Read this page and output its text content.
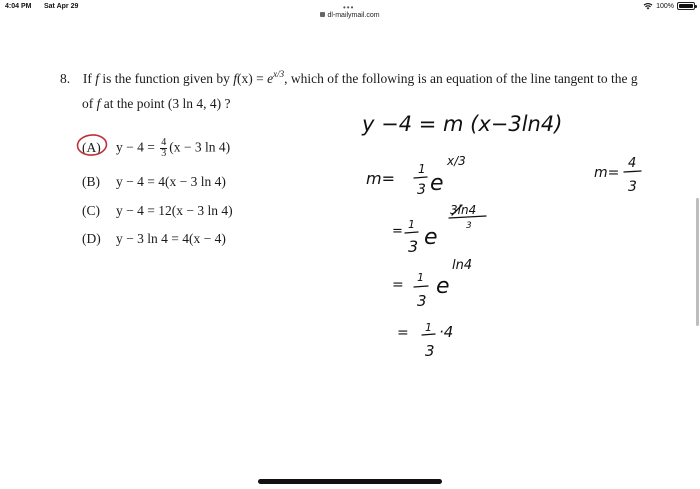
4:04 PM Sat Apr 29	100%
•••
dl-mailymail.com
8. If f is the function given by $f(x) = e^{x/3}$, which of the following is an equation of the line tangent to the g
of f at the point (3 ln 4, 4) ?
(A) $y - 4 = \frac{4}{3} (x - 3$ ln 4)
(B) y − 4 = 4(x − 3 ln 4)
(C) y − 4 = 12(x − 3 ln 4)
(D) y − 3 ln 4 = 4(x − 4)
y −4 = m (x−3ln4)
m= 1
3 e
x/3
= 1
3 e
3ln4
3
= 1
3
e
ln4
= 1
3
·4
m=
4
3
